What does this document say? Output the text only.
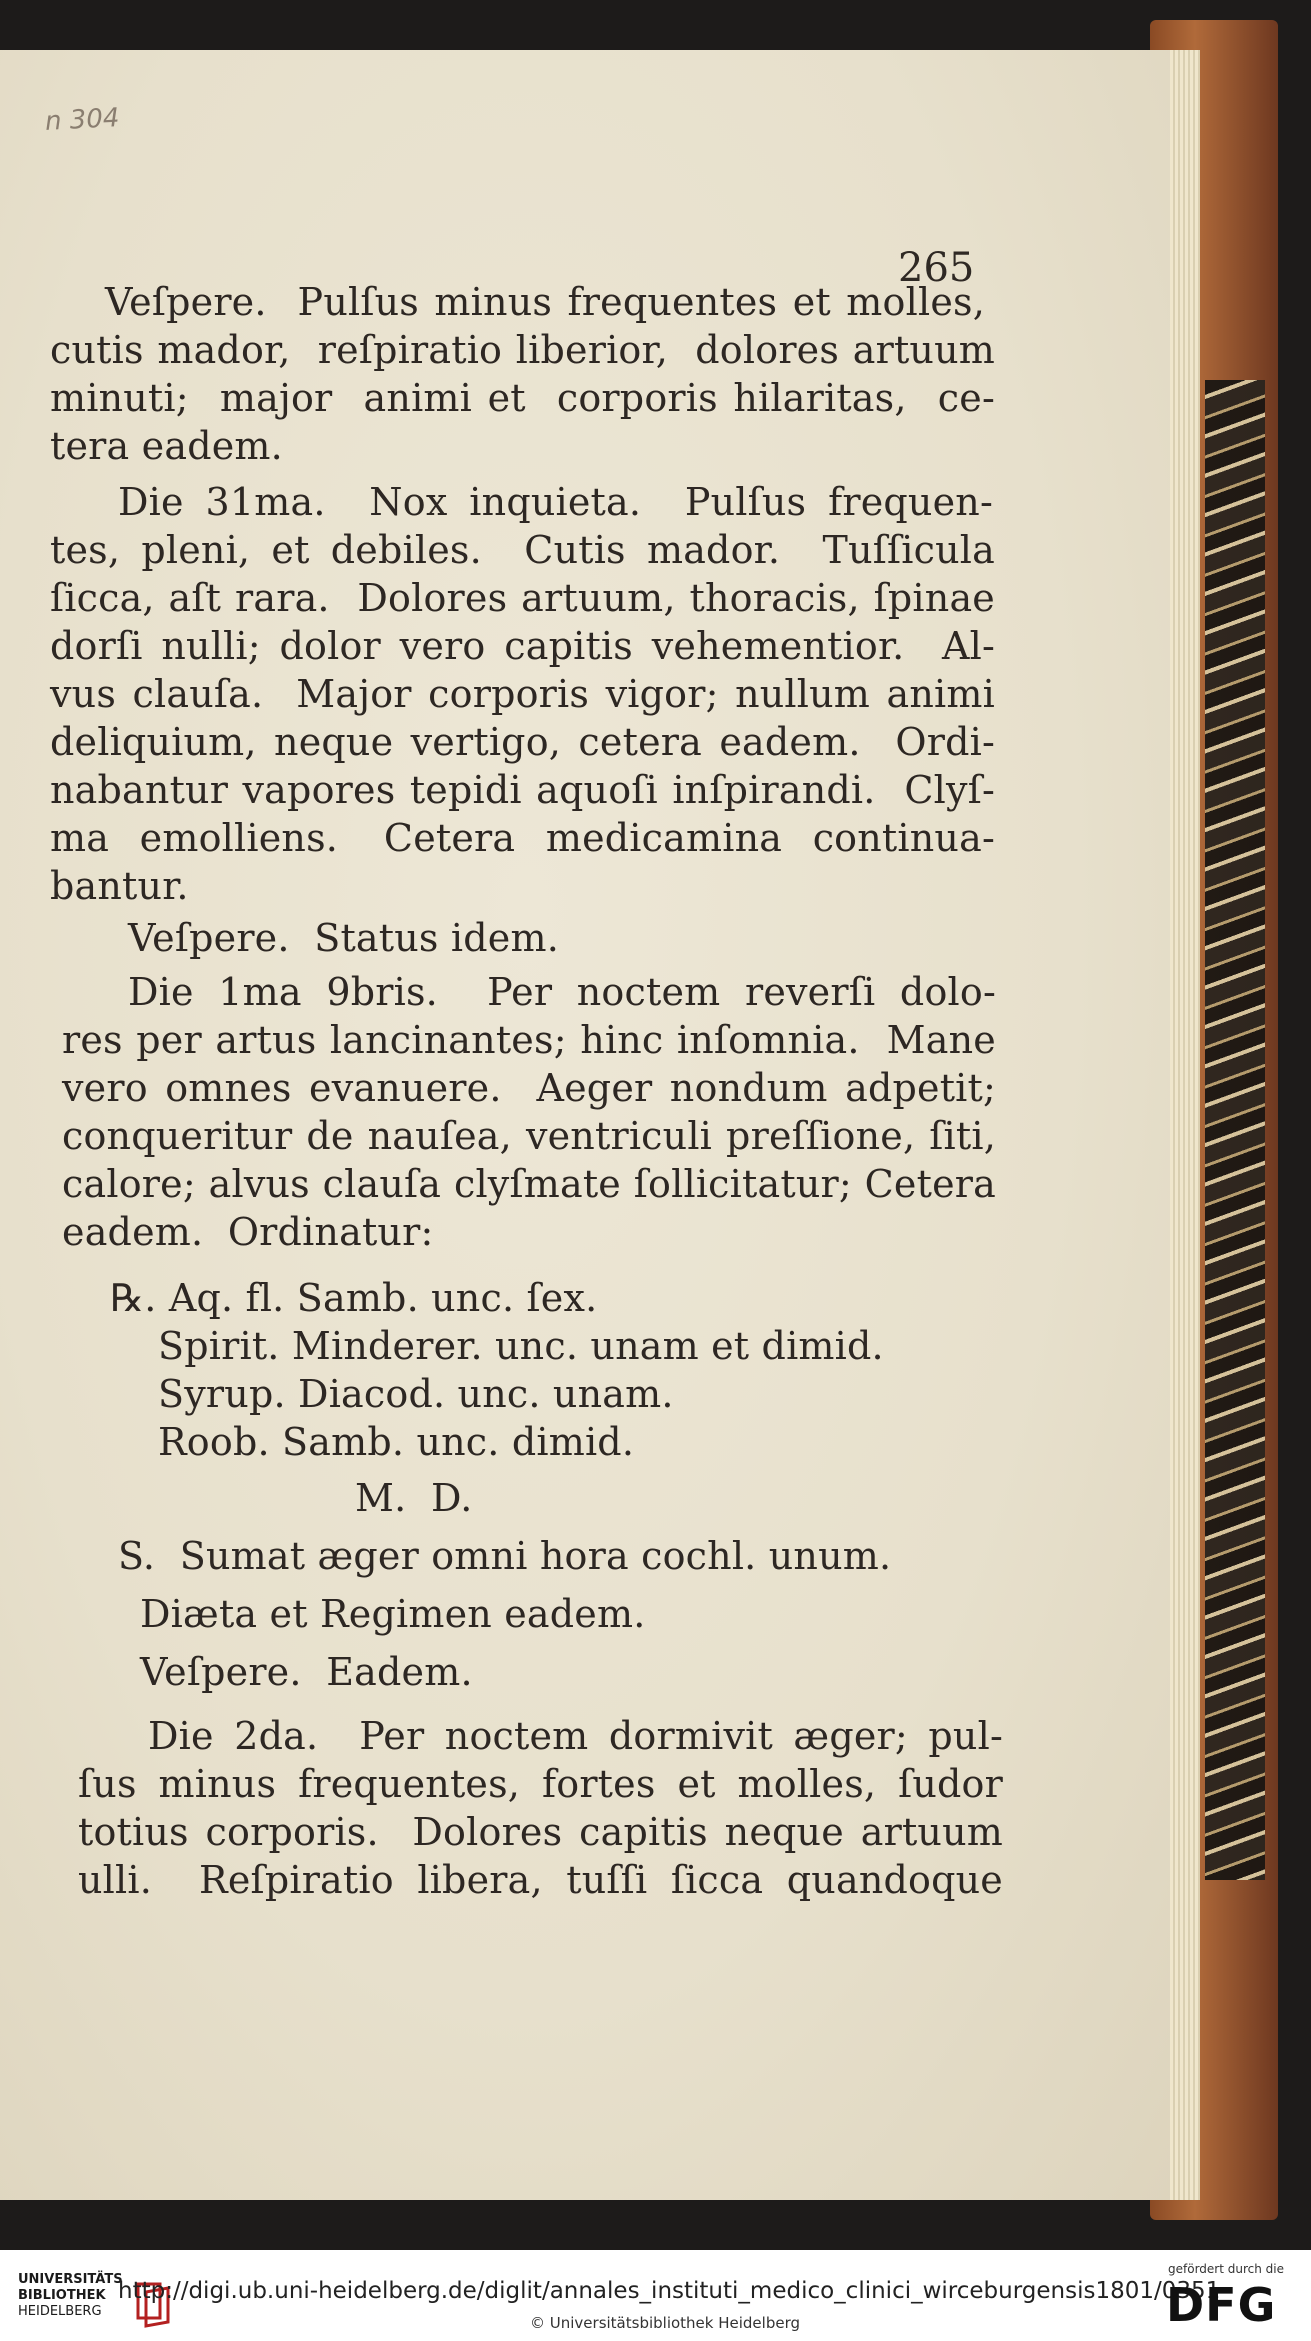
n 304
265
Veſpere.  Pulſus minus frequentes et molles,
cutis mador,  reſpiratio liberior,  dolores artuum
minuti;  major  animi et  corporis hilaritas,  ce-
tera eadem.
Die 31ma.  Nox inquieta.  Pulſus frequen-
tes, pleni, et debiles.  Cutis mador.  Tuſſicula
ſicca, aſt rara.  Dolores artuum, thoracis, ſpinae
dorſi nulli; dolor vero capitis vehementior.  Al-
vus clauſa.  Major corporis vigor; nullum animi
deliquium, neque vertigo, cetera eadem.  Ordi-
nabantur vapores tepidi aquoſi inſpirandi.  Clyſ-
ma  emolliens.   Cetera  medicamina  continua-
bantur.
Veſpere.  Status idem.
Die 1ma 9bris.  Per noctem reverſi dolo-
res per artus lancinantes; hinc inſomnia.  Mane
vero omnes evanuere.  Aeger nondum adpetit;
conqueritur de nauſea, ventriculi preſſione, ſiti,
calore; alvus clauſa clyſmate ſollicitatur; Cetera
eadem.  Ordinatur:
℞. Aq. fl. Samb. unc. ſex.
Spirit. Minderer. unc. unam et dimid.
Syrup. Diacod. unc. unam.
Roob. Samb. unc. dimid.
M.  D.
S.  Sumat æger omni hora cochl. unum.
Diæta et Regimen eadem.
Veſpere.  Eadem.
Die 2da.  Per noctem dormivit æger; pul-
ſus minus frequentes, fortes et molles, ſudor
totius corporis.  Dolores capitis neque artuum
ulli.  Reſpiratio libera, tuſſi ſicca quandoque
UNIVERSITÄTS
BIBLIOTHEK
HEIDELBERG
http://digi.ub.uni-heidelberg.de/diglit/annales_instituti_medico_clinici_wirceburgensis1801/0351
© Universitätsbibliothek Heidelberg
gefördert durch die
DFG
